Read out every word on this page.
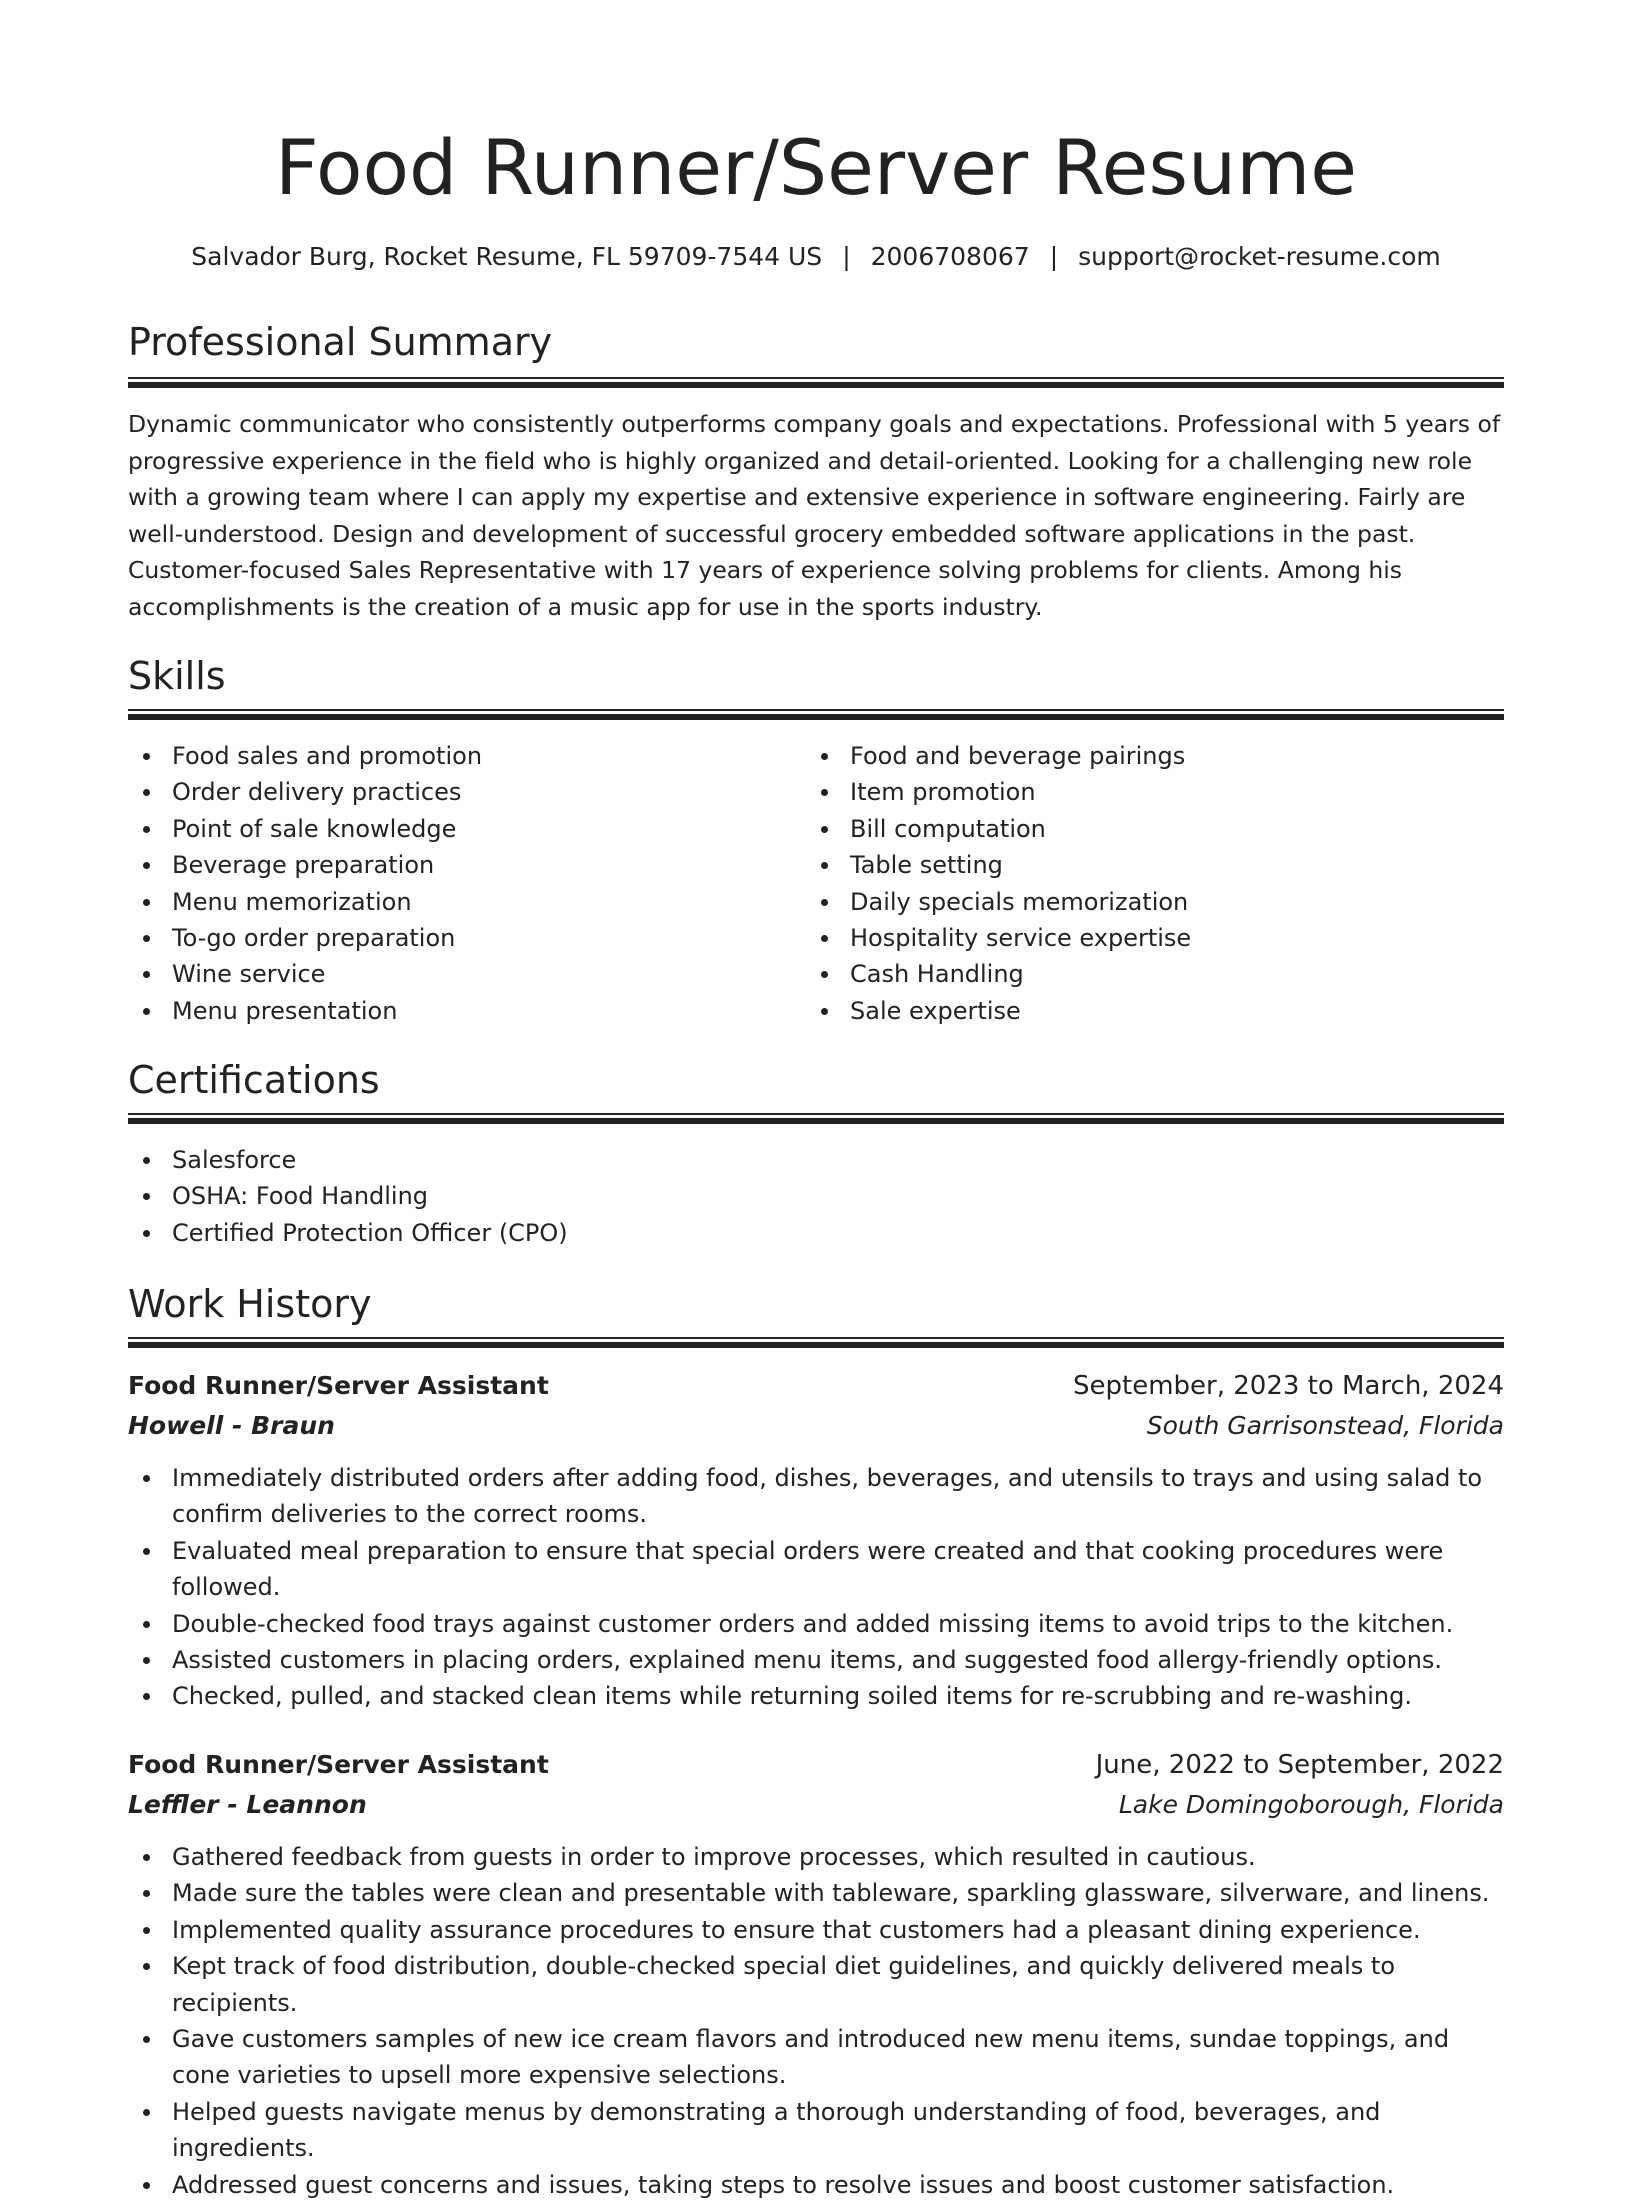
Food Runner/Server Resume
Salvador Burg, Rocket Resume, FL 59709-7544 US | 2006708067 | support@rocket-resume.com
Professional Summary

Dynamic communicator who consistently outperforms company goals and expectations. Professional with 5 years of progressive experience in the field who is highly organized and detail-oriented. Looking for a challenging new role with a growing team where I can apply my expertise and extensive experience in software engineering. Fairly are well-understood. Design and development of successful grocery embedded software applications in the past. Customer-focused Sales Representative with 17 years of experience solving problems for clients. Among his accomplishments is the creation of a music app for use in the sports industry.

Skills
Food sales and promotion
Order delivery practices
Point of sale knowledge
Beverage preparation
Menu memorization
To-go order preparation
Wine service
Menu presentation
Food and beverage pairings
Item promotion
Bill computation
Table setting
Daily specials memorization
Hospitality service expertise
Cash Handling
Sale expertise
Certifications
Salesforce
OSHA: Food Handling
Certified Protection Officer (CPO)
Work History
Food Runner/Server Assistant	September, 2023 to March, 2024
Howell - Braun	South Garrisonstead, Florida
Immediately distributed orders after adding food, dishes, beverages, and utensils to trays and using salad to confirm deliveries to the correct rooms.
Evaluated meal preparation to ensure that special orders were created and that cooking procedures were followed.
Double-checked food trays against customer orders and added missing items to avoid trips to the kitchen.
Assisted customers in placing orders, explained menu items, and suggested food allergy-friendly options.
Checked, pulled, and stacked clean items while returning soiled items for re-scrubbing and re-washing.
Food Runner/Server Assistant	June, 2022 to September, 2022
Leffler - Leannon	Lake Domingoborough, Florida
Gathered feedback from guests in order to improve processes, which resulted in cautious.
Made sure the tables were clean and presentable with tableware, sparkling glassware, silverware, and linens.
Implemented quality assurance procedures to ensure that customers had a pleasant dining experience.
Kept track of food distribution, double-checked special diet guidelines, and quickly delivered meals to recipients.
Gave customers samples of new ice cream flavors and introduced new menu items, sundae toppings, and cone varieties to upsell more expensive selections.
Helped guests navigate menus by demonstrating a thorough understanding of food, beverages, and ingredients.
Addressed guest concerns and issues, taking steps to resolve issues and boost customer satisfaction.
